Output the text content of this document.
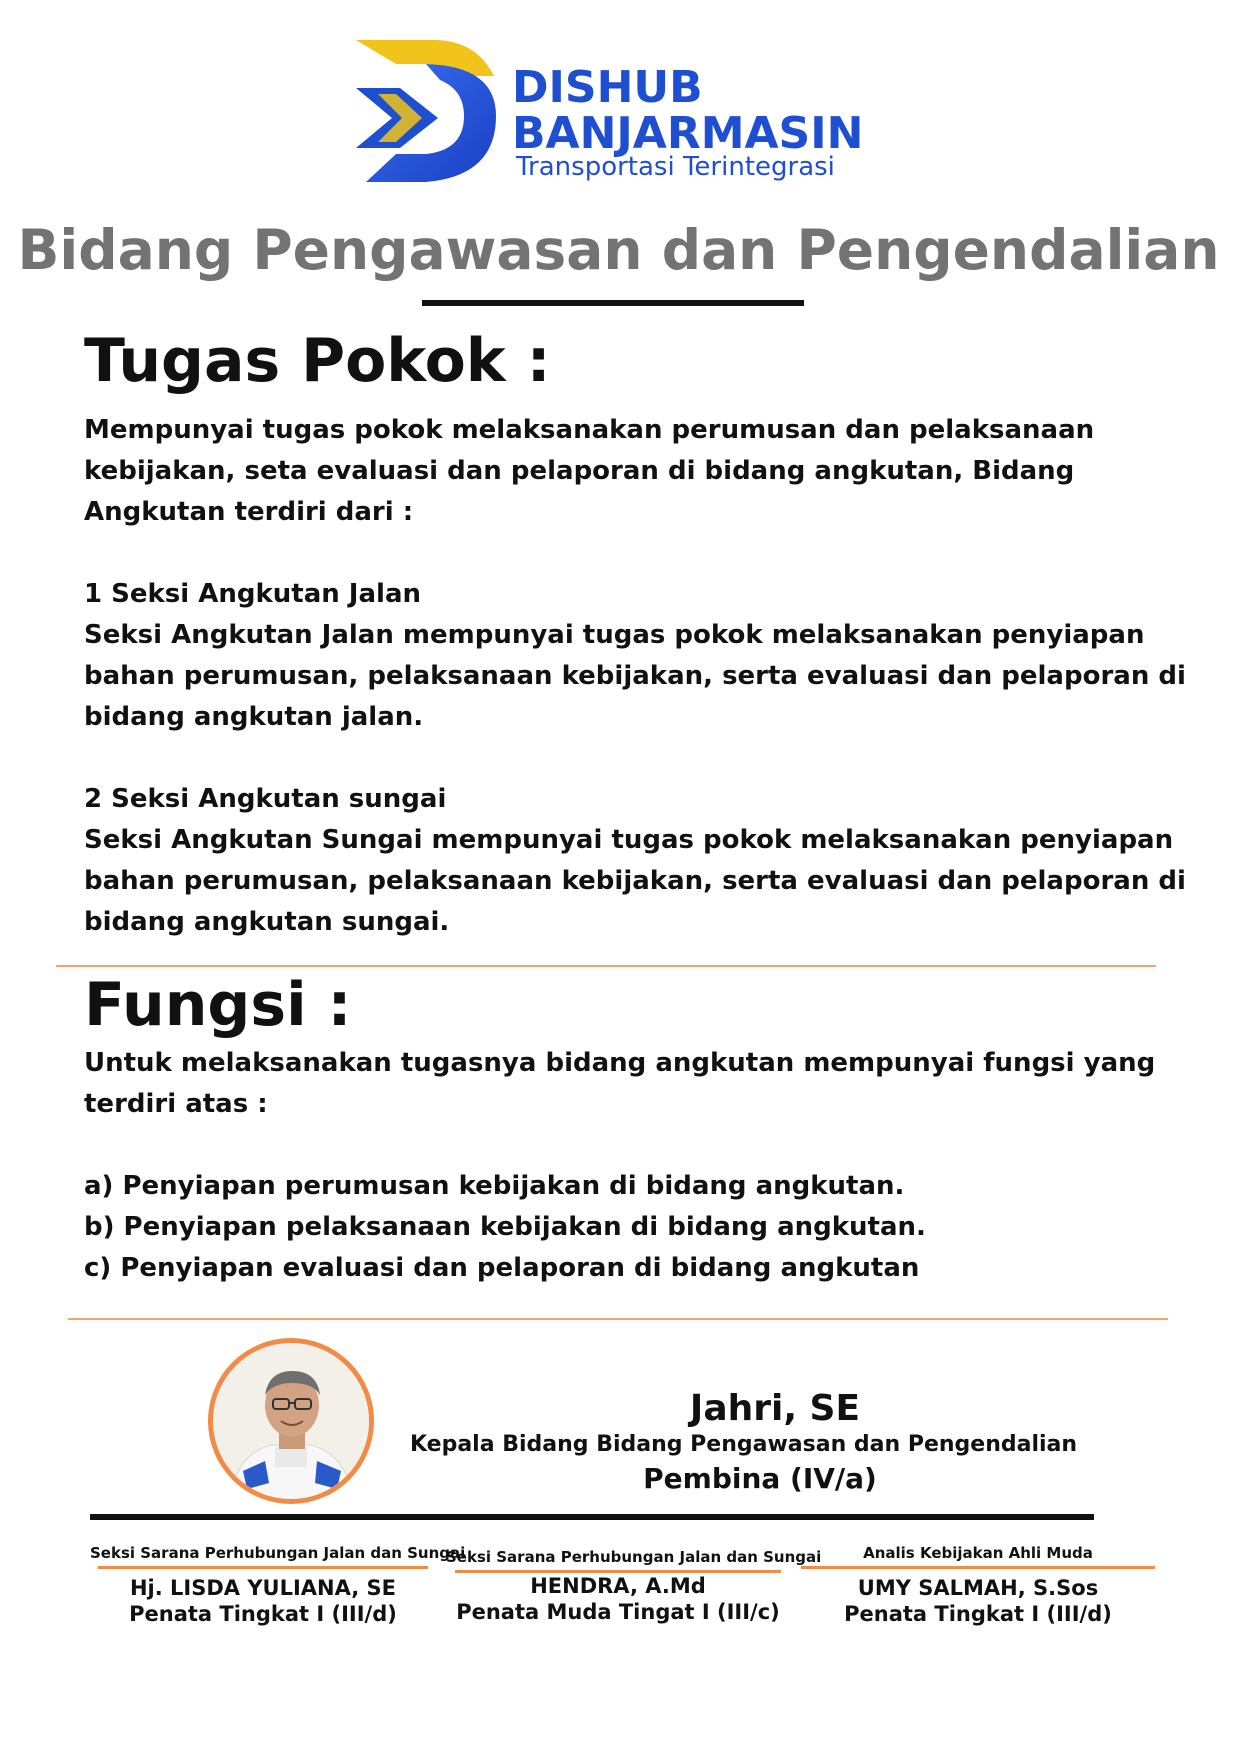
DISHUB
BANJARMASIN
Transportasi Terintegrasi
Bidang Pengawasan dan Pengendalian
Tugas Pokok :

Mempunyai tugas pokok melaksanakan perumusan dan pelaksanaan

kebijakan, seta evaluasi dan pelaporan di bidang angkutan, Bidang

Angkutan terdiri dari :

1 Seksi Angkutan Jalan

Seksi Angkutan Jalan mempunyai tugas pokok melaksanakan penyiapan

bahan perumusan, pelaksanaan kebijakan, serta evaluasi dan pelaporan di

bidang angkutan jalan.

2 Seksi Angkutan sungai

Seksi Angkutan Sungai mempunyai tugas pokok melaksanakan penyiapan

bahan perumusan, pelaksanaan kebijakan, serta evaluasi dan pelaporan di

bidang angkutan sungai.

Fungsi :

Untuk melaksanakan tugasnya bidang angkutan mempunyai fungsi yang

terdiri atas :

a) Penyiapan perumusan kebijakan di bidang angkutan.

b) Penyiapan pelaksanaan kebijakan di bidang angkutan.

c) Penyiapan evaluasi dan pelaporan di bidang angkutan

Jahri, SE
Kepala Bidang Bidang Pengawasan dan Pengendalian
Pembina (IV/a)
Seksi Sarana Perhubungan Jalan dan Sungai
Hj. LISDA YULIANA, SE
Penata Tingkat I (III/d)
Seksi Sarana Perhubungan Jalan dan Sungai
HENDRA, A.Md
Penata Muda Tingat I (III/c)
Analis Kebijakan Ahli Muda
UMY SALMAH, S.Sos
Penata Tingkat I (III/d)
